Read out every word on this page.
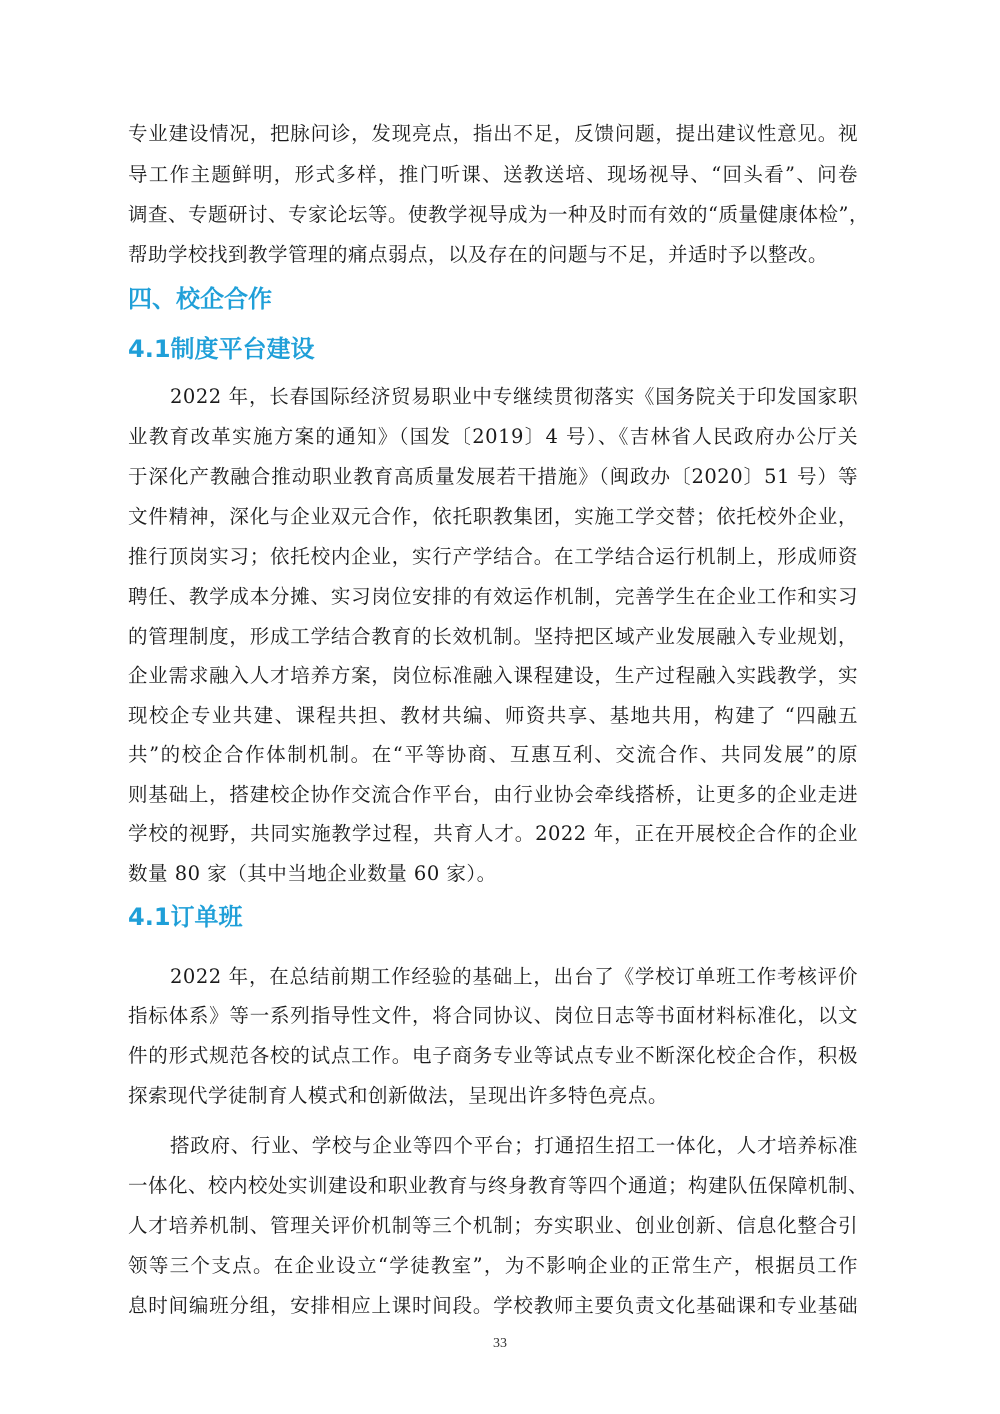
专业建设情况，把脉问诊，发现亮点，指出不足，反馈问题，提出建议性意见。视
导工作主题鲜明，形式多样，推门听课、送教送培、现场视导、“回头看”、问卷
调查、专题研讨、专家论坛等。使教学视导成为一种及时而有效的“质量健康体检”，
帮助学校找到教学管理的痛点弱点，以及存在的问题与不足，并适时予以整改。
四、校企合作
4.1制度平台建设
2022 年，长春国际经济贸易职业中专继续贯彻落实《国务院关于印发国家职
业教育改革实施方案的通知》（国发〔2019〕4 号）、《吉林省人民政府办公厅关
于深化产教融合推动职业教育高质量发展若干措施》（闽政办〔2020〕51 号）等
文件精神，深化与企业双元合作，依托职教集团，实施工学交替；依托校外企业，
推行顶岗实习；依托校内企业，实行产学结合。在工学结合运行机制上，形成师资
聘任、教学成本分摊、实习岗位安排的有效运作机制，完善学生在企业工作和实习
的管理制度，形成工学结合教育的长效机制。坚持把区域产业发展融入专业规划，
企业需求融入人才培养方案，岗位标准融入课程建设，生产过程融入实践教学，实
现校企专业共建、课程共担、教材共编、师资共享、基地共用，构建了 “四融五
共”的校企合作体制机制。在“平等协商、互惠互利、交流合作、共同发展”的原
则基础上，搭建校企协作交流合作平台，由行业协会牵线搭桥，让更多的企业走进
学校的视野，共同实施教学过程，共育人才。2022 年，正在开展校企合作的企业
数量 80 家（其中当地企业数量 60 家）。
4.1订单班
2022 年，在总结前期工作经验的基础上，出台了《学校订单班工作考核评价
指标体系》等一系列指导性文件，将合同协议、岗位日志等书面材料标准化，以文
件的形式规范各校的试点工作。电子商务专业等试点专业不断深化校企合作，积极
探索现代学徒制育人模式和创新做法，呈现出许多特色亮点。
搭政府、行业、学校与企业等四个平台；打通招生招工一体化，人才培养标准
一体化、校内校处实训建设和职业教育与终身教育等四个通道；构建队伍保障机制、
人才培养机制、管理关评价机制等三个机制；夯实职业、创业创新、信息化整合引
领等三个支点。在企业设立“学徒教室”，为不影响企业的正常生产，根据员工作
息时间编班分组，安排相应上课时间段。学校教师主要负责文化基础课和专业基础
33
